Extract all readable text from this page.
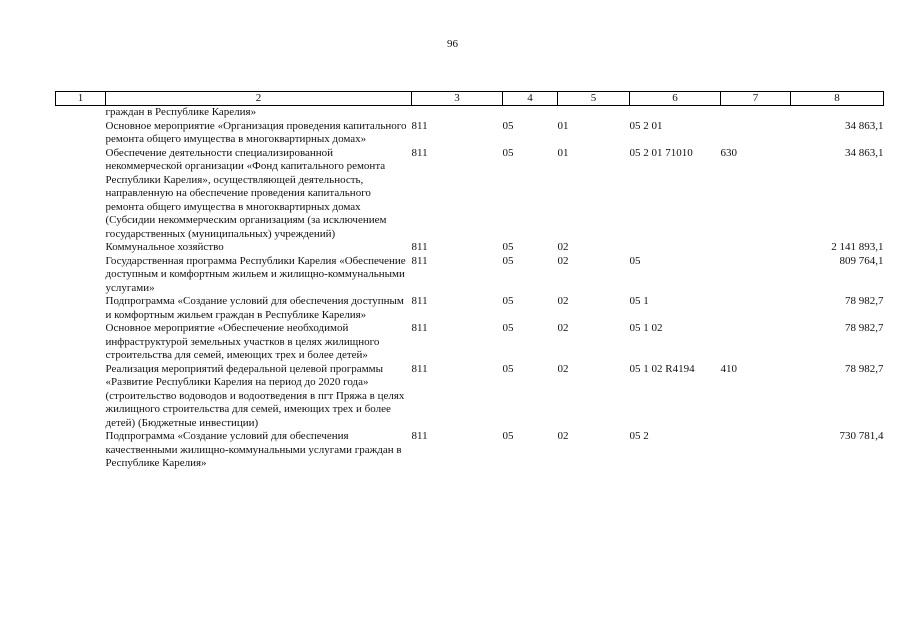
96
1	2	3	4	5	6	7	8
	граждан в Республике Карелия»						
	Основное мероприятие «Организация проведения капитального ремонта общего имущества в многоквартирных домах»	811	05	01	05 2 01		34 863,1
	Обеспечение деятельности специализированной некоммерческой организации «Фонд капитального ремонта Республики Карелия», осуществляющей деятельность, направленную на обеспечение проведения капитального ремонта общего имущества в многоквартирных домах (Субсидии некоммерческим организациям (за исключением государственных (муниципальных) учреждений)	811	05	01	05 2 01 71010	630	34 863,1
	Коммунальное хозяйство	811	05	02			2 141 893,1
	Государственная программа Республики Карелия «Обеспечение доступным и комфортным жильем и жилищно-коммунальными услугами»	811	05	02	05		809 764,1
	Подпрограмма «Создание условий для обеспечения доступным и комфортным жильем граждан в Республике Карелия»	811	05	02	05 1		78 982,7
	Основное мероприятие «Обеспечение необходимой инфраструктурой земельных участков в целях жилищного строительства для семей, имеющих трех и более детей»	811	05	02	05 1 02		78 982,7
	Реализация мероприятий федеральной целевой программы «Развитие Республики Карелия на период до 2020 года» (строительство водоводов и водоотведения в пгт Пряжа в целях жилищного строительства для семей, имеющих трех и более детей) (Бюджетные инвестиции)	811	05	02	05 1 02 R4194	410	78 982,7
	Подпрограмма «Создание условий для обеспечения качественными жилищно-коммунальными услугами граждан в Республике Карелия»	811	05	02	05 2		730 781,4
